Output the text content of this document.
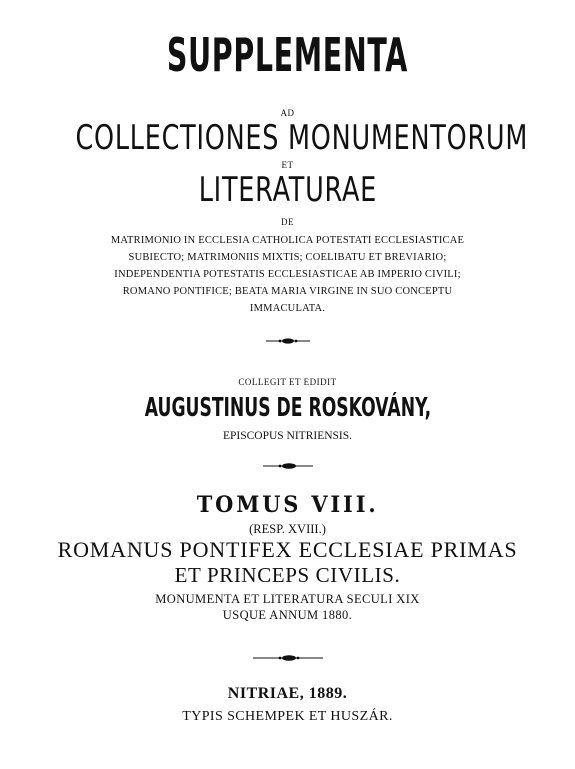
SUPPLEMENTA
AD
COLLECTIONES MONUMENTORUM
ET
LITERATURAE
DE
MATRIMONIO IN ECCLESIA CATHOLICA POTESTATI ECCLESIASTICAE
SUBIECTO; MATRIMONIIS MIXTIS; COELIBATU ET BREVIARIO;
INDEPENDENTIA POTESTATIS ECCLESIASTICAE AB IMPERIO CIVILI;
ROMANO PONTIFICE; BEATA MARIA VIRGINE IN SUO CONCEPTU
IMMACULATA.
COLLEGIT ET EDIDIT
AUGUSTINUS DE ROSKOVÁNY,
EPISCOPUS NITRIENSIS.
TOMUS VIII.
(RESP. XVIII.)
ROMANUS PONTIFEX ECCLESIAE PRIMAS
ET PRINCEPS CIVILIS.
MONUMENTA ET LITERATURA SECULI XIX
USQUE ANNUM 1880.
NITRIAE, 1889.
TYPIS SCHEMPEK ET HUSZÁR.
